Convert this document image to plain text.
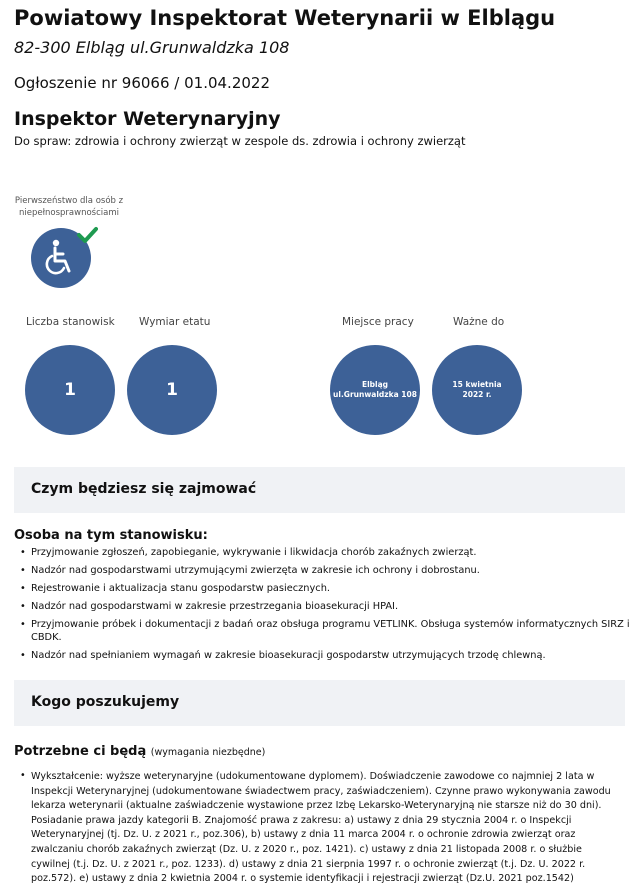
Powiatowy Inspektorat Weterynarii w Elblągu
82-300 Elbląg ul.Grunwaldzka 108
Ogłoszenie nr 96066 / 01.04.2022
Inspektor Weterynaryjny
Do spraw: zdrowia i ochrony zwierząt w zespole ds. zdrowia i ochrony zwierząt
Pierwszeństwo dla osób z niepełnosprawnościami
Liczba stanowisk
1
Wymiar etatu
1
Miejsce pracy
Elbląg
ul.Grunwaldzka 108
Ważne do
15 kwietnia
2022 r.
Czym będziesz się zajmować
Osoba na tym stanowisku:
• Przyjmowanie zgłoszeń, zapobieganie, wykrywanie i likwidacja chorób zakaźnych zwierząt.
• Nadzór nad gospodarstwami utrzymującymi zwierzęta w zakresie ich ochrony i dobrostanu.
• Rejestrowanie i aktualizacja stanu gospodarstw pasiecznych.
• Nadzór nad gospodarstwami w zakresie przestrzegania bioasekuracji HPAI.
• Przyjmowanie próbek i dokumentacji z badań oraz obsługa programu VETLINK. Obsługa systemów informatycznych SIRZ i CBDK.
• Nadzór nad spełnianiem wymagań w zakresie bioasekuracji gospodarstw utrzymujących trzodę chlewną.
Kogo poszukujemy
Potrzebne ci będą (wymagania niezbędne)
• Wykształcenie: wyższe weterynaryjne (udokumentowane dyplomem). Doświadczenie zawodowe co najmniej 2 lata w Inspekcji Weterynaryjnej (udokumentowane świadectwem pracy, zaświadczeniem). Czynne prawo wykonywania zawodu lekarza weterynarii (aktualne zaświadczenie wystawione przez Izbę Lekarsko-Weterynaryjną nie starsze niż do 30 dni). Posiadanie prawa jazdy kategorii B. Znajomość prawa z zakresu: a) ustawy z dnia 29 stycznia 2004 r. o Inspekcji Weterynaryjnej (tj. Dz. U. z 2021 r., poz.306), b) ustawy z dnia 11 marca 2004 r. o ochronie zdrowia zwierząt oraz zwalczaniu chorób zakaźnych zwierząt (Dz. U. z 2020 r., poz. 1421). c) ustawy z dnia 21 listopada 2008 r. o służbie cywilnej (t.j. Dz. U. z 2021 r., poz. 1233). d) ustawy z dnia 21 sierpnia 1997 r. o ochronie zwierząt (t.j. Dz. U. 2022 r. poz.572). e) ustawy z dnia 2 kwietnia 2004 r. o systemie identyfikacji i rejestracji zwierząt (Dz.U. 2021 poz.1542)
